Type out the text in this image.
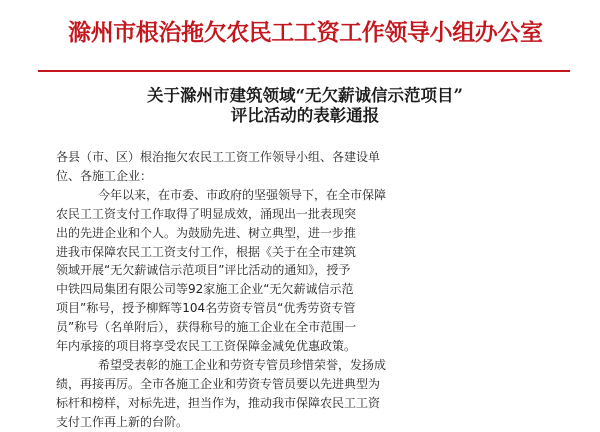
滁州市根治拖欠农民工工资工作领导小组办公室
关于滁州市建筑领域“无欠薪诚信示范项目”
评比活动的表彰通报
各县（市、区）根治拖欠农民工工资工作领导小组、各建设单
位、各施工企业：
今年以来，在市委、市政府的坚强领导下，在全市保障
农民工工资支付工作取得了明显成效，涌现出一批表现突
出的先进企业和个人。为鼓励先进、树立典型，进一步推
进我市保障农民工工资支付工作，根据《关于在全市建筑
领域开展“无欠薪诚信示范项目”评比活动的通知》，授予
中铁四局集团有限公司等92家施工企业“无欠薪诚信示范
项目”称号，授予柳辉等104名劳资专管员“优秀劳资专管
员”称号（名单附后），获得称号的施工企业在全市范围一
年内承接的项目将享受农民工工资保障金减免优惠政策。
希望受表彰的施工企业和劳资专管员珍惜荣誉，发扬成
绩，再接再厉。全市各施工企业和劳资专管员要以先进典型为
标杆和榜样，对标先进，担当作为，推动我市保障农民工工资
支付工作再上新的台阶。
